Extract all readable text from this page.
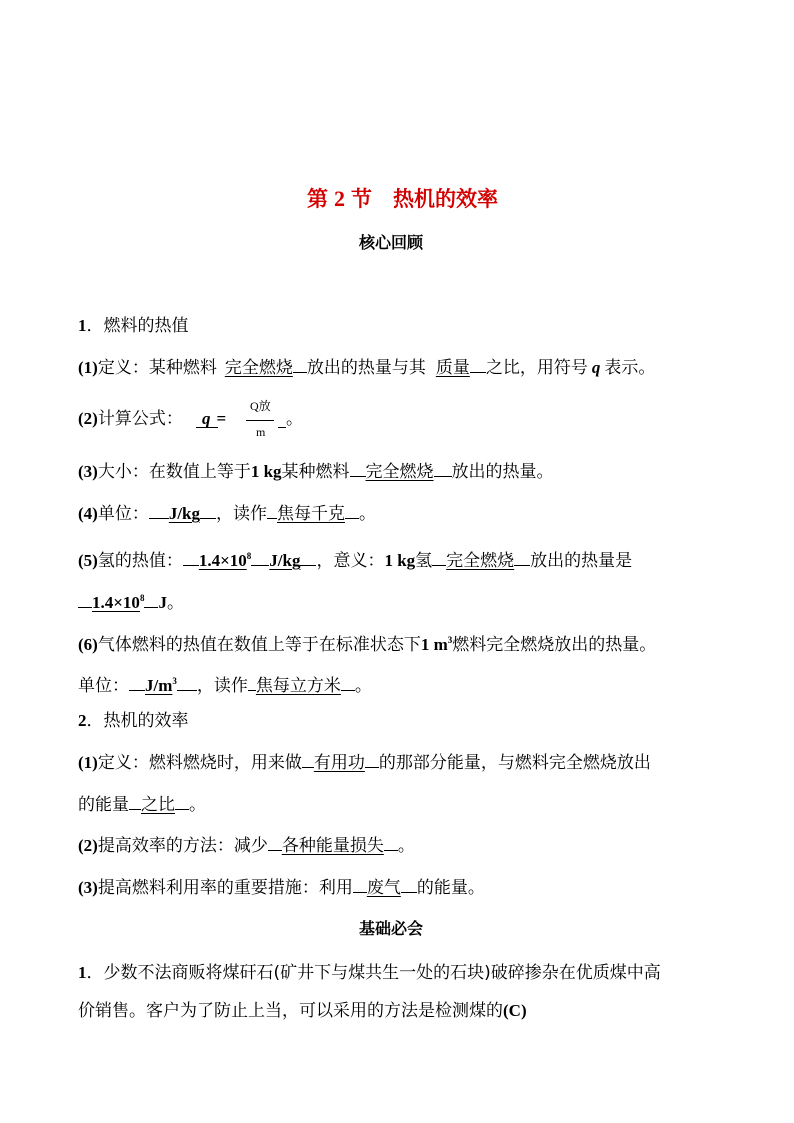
第 2 节　热机的效率
核心回顾
1．燃料的热值
(1)定义：某种燃料 完全燃烧 放出的热量与其 质量 之比，用符号 q 表示。
(2)计算公式： q =
Q放
m
。
(3)大小：在数值上等于1 kg某种燃料 完全燃烧 放出的热量。
(4)单位： J/kg ，读作 焦每千克 。
(5)氢的热值： $1.4\times 10^8$ J/kg ，意义：1 kg氢 完全燃烧 放出的热量是
$1.4\times 10^8$ J。
(6)气体燃料的热值在数值上等于在标准状态下1 $m^3$燃料完全燃烧放出的热量。
单位： $J/m^3$ ，读作 焦每立方米 。
2．热机的效率
(1)定义：燃料燃烧时，用来做 有用功 的那部分能量，与燃料完全燃烧放出
的能量 之比 。
(2)提高效率的方法：减少 各种能量损失 。
(3)提高燃料利用率的重要措施：利用 废气 的能量。
基础必会
1．少数不法商贩将煤矸石(矿井下与煤共生一处的石块)破碎掺杂在优质煤中高
价销售。客户为了防止上当，可以采用的方法是检测煤的(C)
